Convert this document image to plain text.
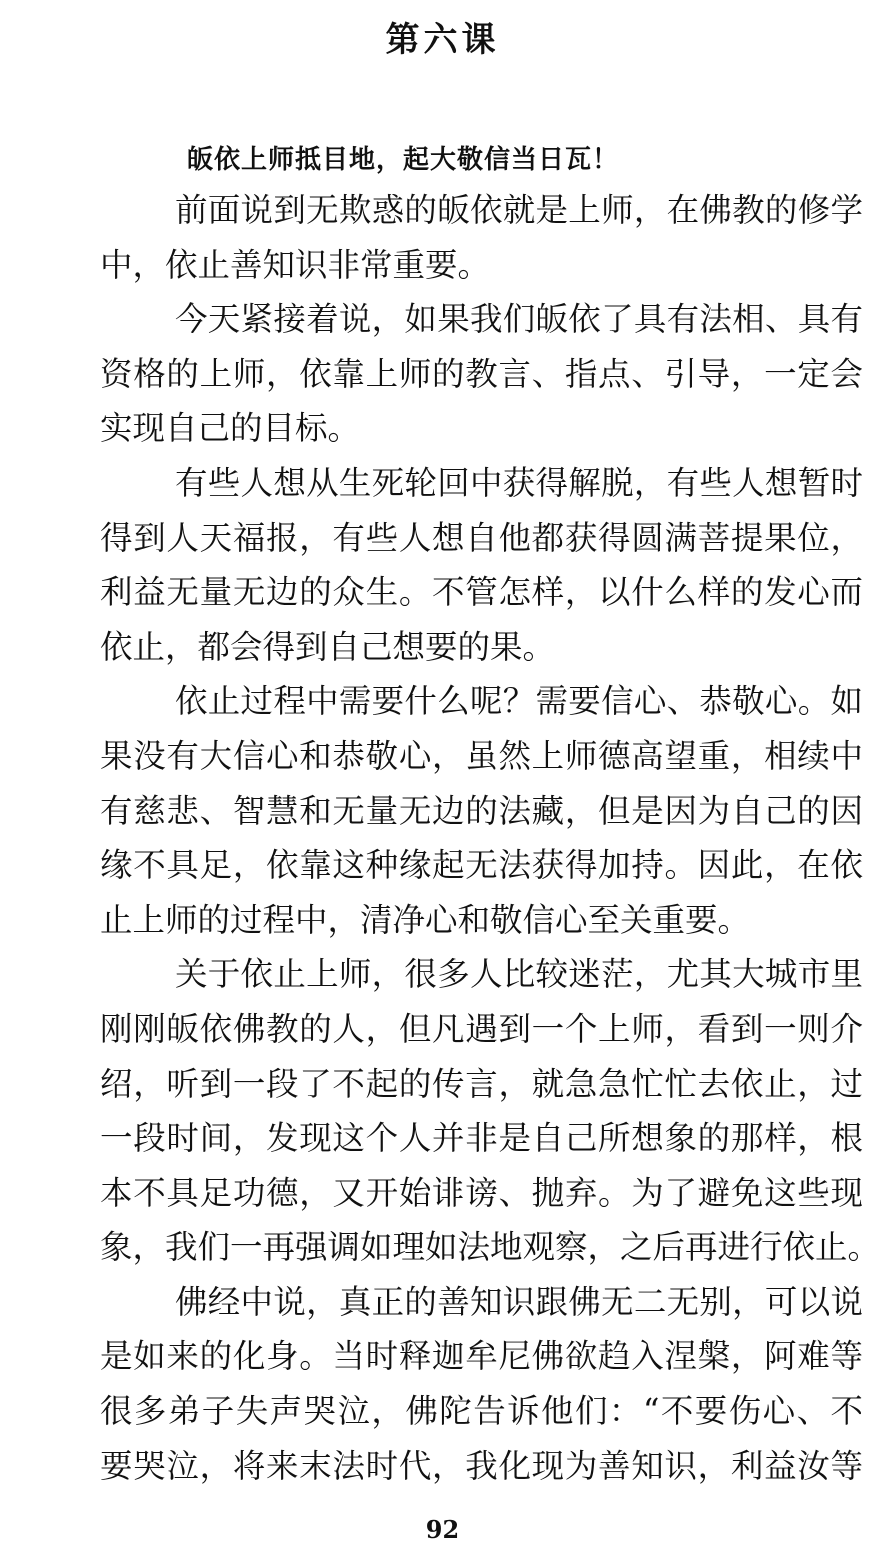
第六课
皈依上师抵目地，起大敬信当日瓦！
前面说到无欺惑的皈依就是上师，在佛教的修学
中，依止善知识非常重要。
今天紧接着说，如果我们皈依了具有法相、具有
资格的上师，依靠上师的教言、指点、引导，一定会
实现自己的目标。
有些人想从生死轮回中获得解脱，有些人想暂时
得到人天福报，有些人想自他都获得圆满菩提果位，
利益无量无边的众生。不管怎样，以什么样的发心而
依止，都会得到自己想要的果。
依止过程中需要什么呢？需要信心、恭敬心。如
果没有大信心和恭敬心，虽然上师德高望重，相续中
有慈悲、智慧和无量无边的法藏，但是因为自己的因
缘不具足，依靠这种缘起无法获得加持。因此，在依
止上师的过程中，清净心和敬信心至关重要。
关于依止上师，很多人比较迷茫，尤其大城市里
刚刚皈依佛教的人，但凡遇到一个上师，看到一则介
绍，听到一段了不起的传言，就急急忙忙去依止，过
一段时间，发现这个人并非是自己所想象的那样，根
本不具足功德，又开始诽谤、抛弃。为了避免这些现
象，我们一再强调如理如法地观察，之后再进行依止。
佛经中说，真正的善知识跟佛无二无别，可以说
是如来的化身。当时释迦牟尼佛欲趋入涅槃，阿难等
很多弟子失声哭泣，佛陀告诉他们：“不要伤心、不
要哭泣，将来末法时代，我化现为善知识，利益汝等
92
